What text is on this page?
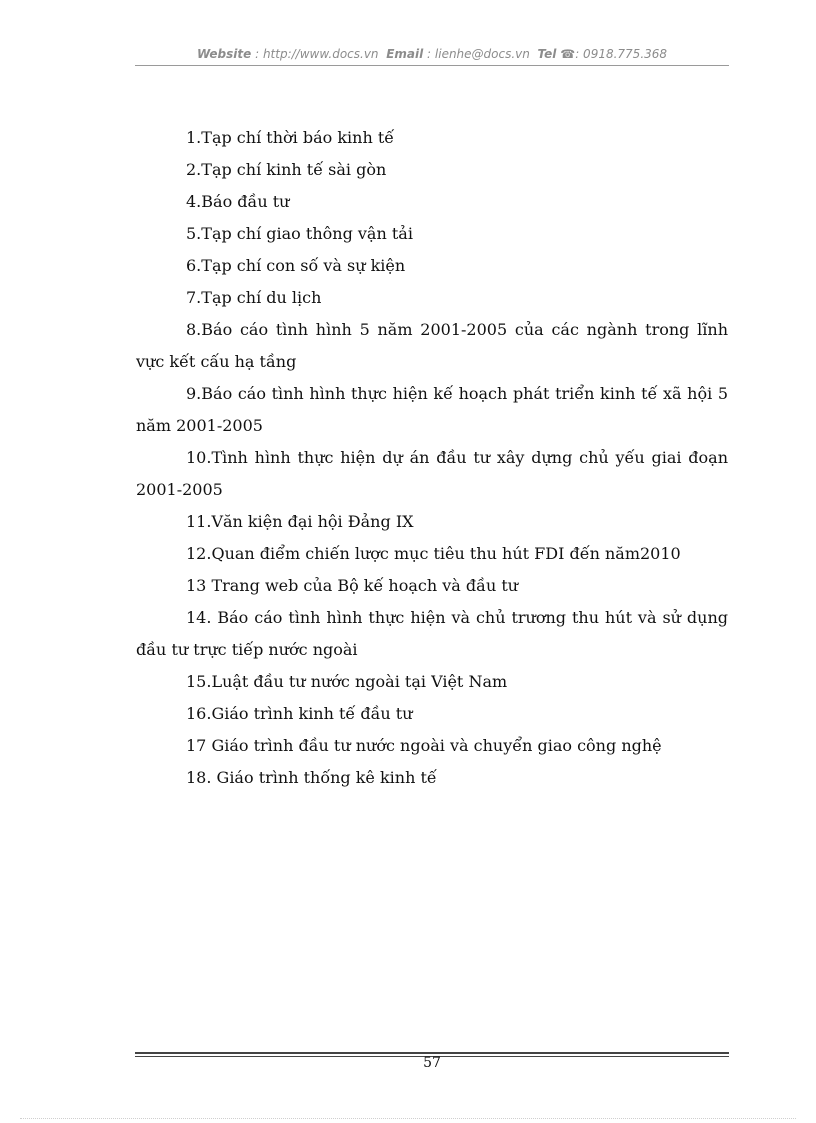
Website : http://www.docs.vn Email : lienhe@docs.vn Tel ☎: 0918.775.368

1.Tạp chí thời báo kinh tế

2.Tạp chí kinh tế sài gòn

4.Báo đầu tư

5.Tạp chí giao thông vận tải

6.Tạp chí con số và sự kiện

7.Tạp chí du lịch

8.Báo cáo tình hình 5 năm 2001-2005 của các ngành trong lĩnh vực kết cấu hạ tầng

9.Báo cáo tình hình thực hiện kế hoạch phát triển kinh tế xã hội 5 năm 2001-2005

10.Tình hình thực hiện dự án đầu tư xây dựng chủ yếu giai đoạn 2001-2005

11.Văn kiện đại hội Đảng IX

12.Quan điểm chiến lược mục tiêu thu hút FDI đến năm2010

13 Trang web của Bộ kế hoạch và đầu tư

14. Báo cáo tình hình thực hiện và chủ trương thu hút và sử dụng đầu tư trực tiếp nước ngoài

15.Luật đầu tư nước ngoài tại Việt Nam

16.Giáo trình kinh tế đầu tư

17 Giáo trình đầu tư nước ngoài và chuyển giao công nghệ

18. Giáo trình thống kê kinh tế

57
